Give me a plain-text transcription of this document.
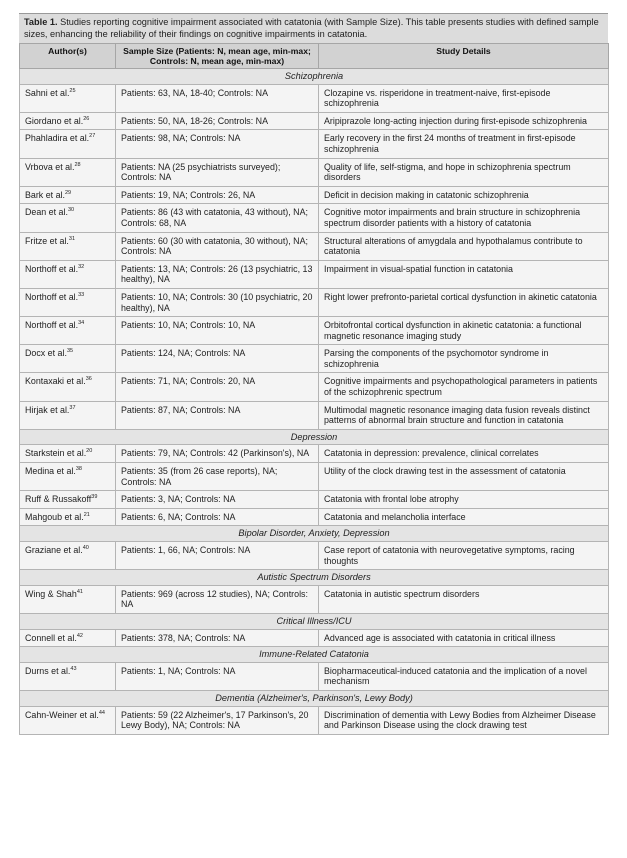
Table 1. Studies reporting cognitive impairment associated with catatonia (with Sample Size). This table presents studies with defined sample sizes, enhancing the reliability of their findings on cognitive impairments in catatonia.
Author(s)	Sample Size (Patients: N, mean age, min-max; Controls: N, mean age, min-max)	Study Details
Schizophrenia		
Sahni et al.$^{25}$	Patients: 63, NA, 18-40; Controls: NA	Clozapine vs. risperidone in treatment-naive, first-episode schizophrenia
Giordano et al.$^{26}$	Patients: 50, NA, 18-26; Controls: NA	Aripiprazole long-acting injection during first-episode schizophrenia
Phahladira et al.$^{27}$	Patients: 98, NA; Controls: NA	Early recovery in the first 24 months of treatment in first-episode schizophrenia
Vrbova et al.$^{28}$	Patients: NA (25 psychiatrists surveyed); Controls: NA	Quality of life, self-stigma, and hope in schizophrenia spectrum disorders
Bark et al.$^{29}$	Patients: 19, NA; Controls: 26, NA	Deficit in decision making in catatonic schizophrenia
Dean et al.$^{30}$	Patients: 86 (43 with catatonia, 43 without), NA; Controls: 68, NA	Cognitive motor impairments and brain structure in schizophrenia spectrum disorder patients with a history of catatonia
Fritze et al.$^{31}$	Patients: 60 (30 with catatonia, 30 without), NA; Controls: NA	Structural alterations of amygdala and hypothalamus contribute to catatonia
Northoff et al.$^{32}$	Patients: 13, NA; Controls: 26 (13 psychiatric, 13 healthy), NA	Impairment in visual-spatial function in catatonia
Northoff et al.$^{33}$	Patients: 10, NA; Controls: 30 (10 psychiatric, 20 healthy), NA	Right lower prefronto-parietal cortical dysfunction in akinetic catatonia
Northoff et al.$^{34}$	Patients: 10, NA; Controls: 10, NA	Orbitofrontal cortical dysfunction in akinetic catatonia: a functional magnetic resonance imaging study
Docx et al.$^{35}$	Patients: 124, NA; Controls: NA	Parsing the components of the psychomotor syndrome in schizophrenia
Kontaxaki et al.$^{36}$	Patients: 71, NA; Controls: 20, NA	Cognitive impairments and psychopathological parameters in patients of the schizophrenic spectrum
Hirjak et al.$^{37}$	Patients: 87, NA; Controls: NA	Multimodal magnetic resonance imaging data fusion reveals distinct patterns of abnormal brain structure and function in catatonia
Depression		
Starkstein et al.$^{20}$	Patients: 79, NA; Controls: 42 (Parkinson's), NA	Catatonia in depression: prevalence, clinical correlates
Medina et al.$^{38}$	Patients: 35 (from 26 case reports), NA; Controls: NA	Utility of the clock drawing test in the assessment of catatonia
Ruff & Russakoff$^{39}$	Patients: 3, NA; Controls: NA	Catatonia with frontal lobe atrophy
Mahgoub et al.$^{21}$	Patients: 6, NA; Controls: NA	Catatonia and melancholia interface
Bipolar Disorder, Anxiety, Depression		
Graziane et al.$^{40}$	Patients: 1, 66, NA; Controls: NA	Case report of catatonia with neurovegetative symptoms, racing thoughts
Autistic Spectrum Disorders		
Wing & Shah$^{41}$	Patients: 969 (across 12 studies), NA; Controls: NA	Catatonia in autistic spectrum disorders
Critical Illness/ICU		
Connell et al.$^{42}$	Patients: 378, NA; Controls: NA	Advanced age is associated with catatonia in critical illness
Immune-Related Catatonia		
Durns et al.$^{43}$	Patients: 1, NA; Controls: NA	Biopharmaceutical-induced catatonia and the implication of a novel mechanism
Dementia (Alzheimer's, Parkinson's, Lewy Body)		
Cahn-Weiner et al.$^{44}$	Patients: 59 (22 Alzheimer's, 17 Parkinson's, 20 Lewy Body), NA; Controls: NA	Discrimination of dementia with Lewy Bodies from Alzheimer Disease and Parkinson Disease using the clock drawing test
